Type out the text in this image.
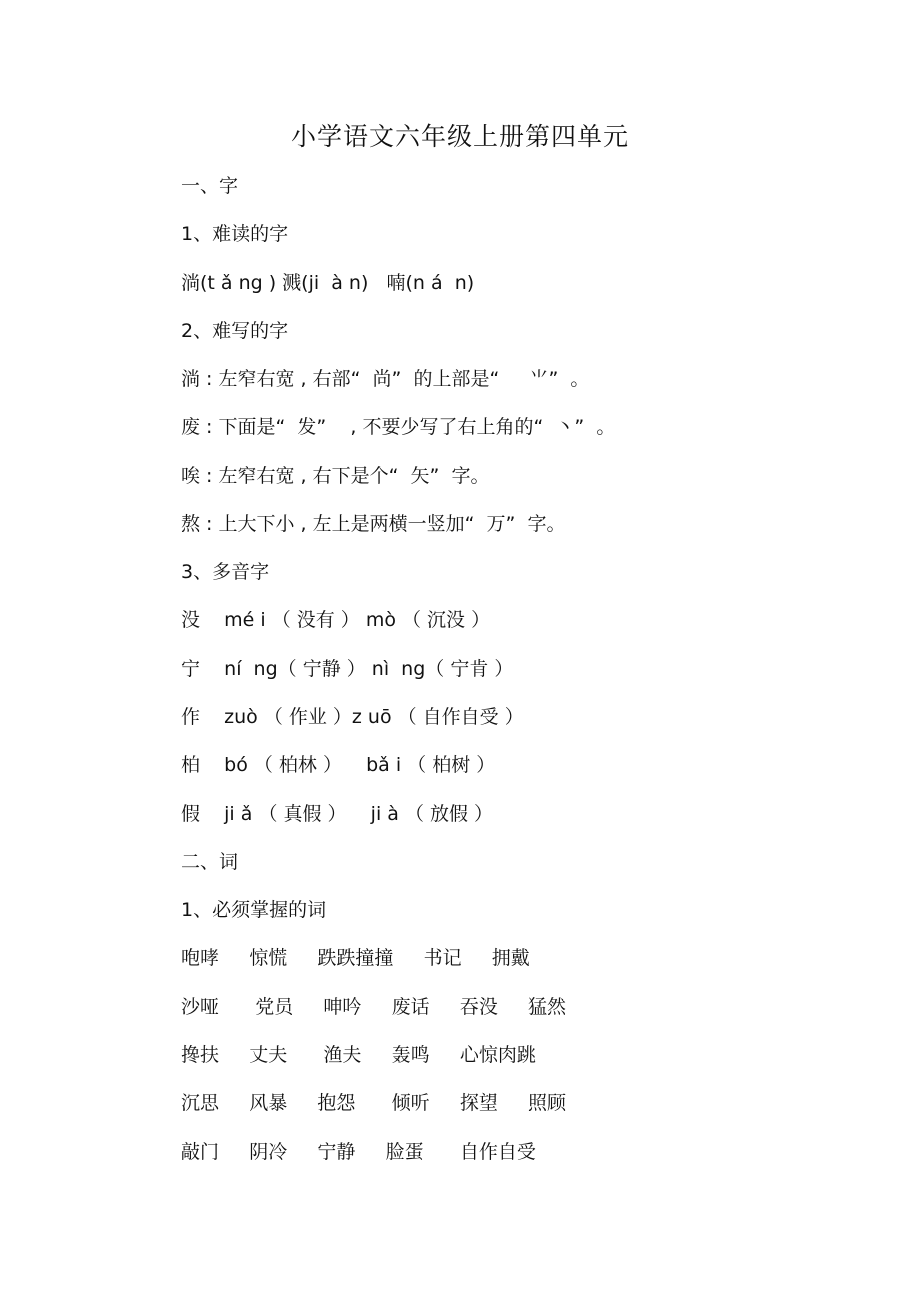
小学语文六年级上册第四单元
一、字
1、难读的字
淌(t ǎ ng ) 溅(ji  à n)   喃(n á  n)
2、难写的字
淌 : 左窄右宽 , 右部“  尚”  的上部是“     ⺌”  。
废 : 下面是“  发”    , 不要少写了右上角的“  丶”  。
唉 : 左窄右宽 , 右下是个“  矢”  字。
熬 : 上大下小 , 左上是两横一竖加“  万”  字。
3、多音字
没    mé i （ 没有 ） mò （ 沉没 ）
宁    ní  ng（ 宁静 ） nì  ng（ 宁肯 ）
作    zuò （ 作业 ）z uō （ 自作自受 ）
柏    bó （ 柏林 ）    bǎ i （ 柏树 ）
假    ji ǎ （ 真假 ）    ji à （ 放假 ）
二、词
1、必须掌握的词
咆哮     惊慌     跌跌撞撞     书记     拥戴
沙哑      党员     呻吟     废话     吞没     猛然
搀扶     丈夫      渔夫     轰鸣     心惊肉跳
沉思     风暴     抱怨      倾听     探望     照顾
敲门     阴冷     宁静     脸蛋      自作自受
